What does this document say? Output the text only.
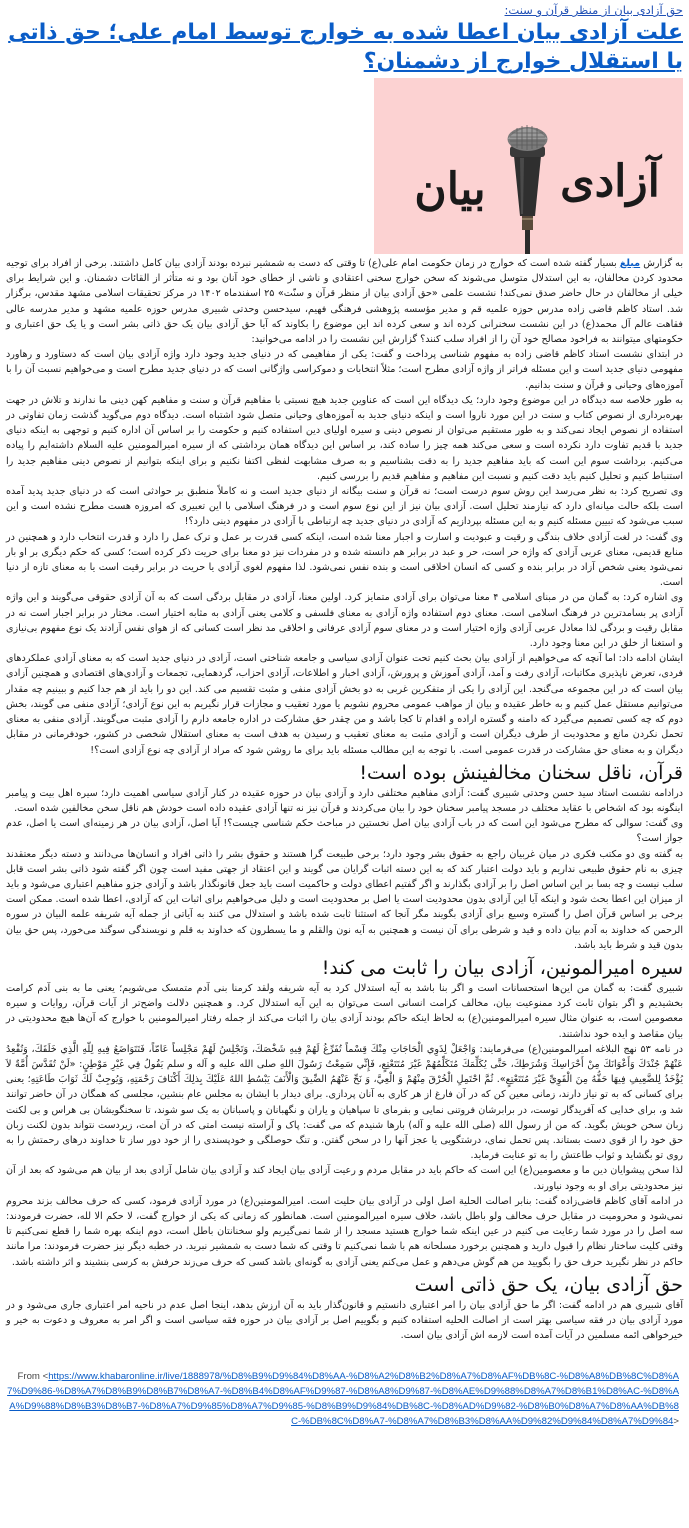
حق آزادی بیان از منظر قرآن و سنت:
علت آزادی بیان اعطا شده به خوارج توسط امام علی؛ حق ذاتی یا استقلال خوارج از دشمنان؟
آزادی
بیان

به گزارش مبلغ بسیار گفته شده است که خوارج در زمان حکومت امام علی(ع) تا وقتی که دست به شمشیر نبرده بودند آزادی بیان کامل داشتند. برخی از افراد برای توجیه محدود کردن مخالفان، به این استدلال متوسل می‌شوند که سخن خوارج سخنی اعتقادی و ناشی از خطای خود آنان بود و نه متأثر از القائات دشمنان. و این شرایط برای خیلی از مخالفان در حال حاضر صدق نمی‌کند! نشست علمی «حق آزادی بیان از منظر قرآن و سنّت» ۲۵ اسفندماه ۱۴۰۲ در مرکز تحقیقات اسلامی مشهد مقدس، برگزار شد. استاد کاظم قاضی زاده مدرس حوزه علمیه قم و مدیر مؤسسه پژوهشی فرهنگی فهیم، سیدحسن وحدتی شبیری مدرس حوزه علمیه مشهد و مدیر مدرسه عالی فقاهت عالم آل محمد(ع) در این نشست سخنرانی کرده اند و سعی کرده اند این موضوع را بکاوند که آیا حق آزادی بیان یک حق ذاتی بشر است و یا یک حق اعتباری و حکومتهای میتوانند به فراخود مصالح خود آن را از افراد سلب کنند؟ گزارش این نشست را در ادامه می‌خوانید:

در ابتدای نشست استاد کاظم قاضی زاده به مفهوم شناسی پرداخت و گفت: یکی از مفاهیمی که در دنیای جدید وجود دارد واژه آزادی بیان است که دستاورد و رهاورد مفهومی دنیای جدید است و این مسئله فراتر از واژه آزادی مطرح است؛ مثلاً انتخابات و دموکراسی واژگانی است که در دنیای جدید مطرح است و می‌خواهیم نسبت آن را با آموزه‌های وحیانی و قرآن و سنت بدانیم.

به طور خلاصه سه دیدگاه در این موضوع وجود دارد؛ یک دیدگاه این است که عناوین جدید هیچ نسبتی با مفاهیم قرآن و سنت و مفاهیم کهن دینی ما ندارند و تلاش در جهت بهره‌برداری از نصوص کتاب و سنت در این مورد ناروا است و اینکه دنیای جدید به آموزه‌های وحیانی متصل شود اشتباه است. دیدگاه دوم می‌گوید گذشت زمان تفاوتی در استفاده از نصوص ایجاد نمی‌کند و به طور مستقیم می‌توان از نصوص دینی و سیره اولیای دین استفاده کنیم و حکومت را بر اساس آن اداره کنیم و توجهی به اینکه دنیای جدید با قدیم تفاوت دارد نکرده است و سعی می‌کند همه چیز را ساده کند، بر اساس این دیدگاه همان برداشتی که از سیره امیرالمومنین علیه السلام داشته‌ایم را پیاده می‌کنیم. برداشت سوم این است که باید مفاهیم جدید را به دقت بشناسیم و به صرف مشابهت لفظی اکتفا نکنیم و برای اینکه بتوانیم از نصوص دینی مفاهیم جدید را استنباط کنیم و تحلیل کنیم باید دقت کنیم و نسبت این مفاهیم و مفاهیم قدیم را بررسی کنیم.

وی تصریح کرد: به نظر می‌رسد این روش سوم درست است؛ نه قرآن و سنت بیگانه از دنیای جدید است و نه کاملاً منطبق بر حوادثی است که در دنیای جدید پدید آمده است بلکه حالت میانه‌ای دارد که نیازمند تحلیل است. آزادی بیان نیز از این نوع سوم است و در فرهنگ اسلامی با این تعبیری که امروزه هست مطرح نشده است و این سبب می‌شود که تبیین مسئله کنیم و به این مسئله بپردازیم که آزادی در دنیای جدید چه ارتباطی با آزادی در مفهوم دینی دارد؟!

وی گفت: در لغت آزادی خلاف بندگی و رقیت و عبودیت و اسارت و اجبار معنا شده است، اینکه کسی قدرت بر عمل و ترک عمل را دارد و قدرت انتخاب دارد و همچنین در منابع قدیمی، معنای عربی آزادی که واژه حر است، حر و عبد در برابر هم دانسته شده و در مفردات نیز دو معنا برای حریت ذکر کرده است؛ کسی که حکم دیگری بر او بار نمی‌شود یعنی شخص آزاد در برابر بنده و کسی که انسان اخلاقی است و بنده نفس نمی‌شود. لذا مفهوم لغوی آزادی یا حریت در برابر رقیت است یا به معنای تازه از دنیا است.

وی اشاره کرد: به گمان من در مبنای اسلامی ۴ معنا می‌توان برای آزادی متمایز کرد. اولین معنا، آزادی در مقابل بردگی است که به آن آزادی حقوقی می‌گویند و این واژه آزادی پر بسامدترین در فرهنگ اسلامی است. معنای دوم استفاده واژه آزادی به معنای فلسفی و کلامی یعنی آزادی به مثابه اختیار است. مختار در برابر اجبار است نه در مقابل رقیت و بردگی لذا معادل عربی آزادی واژه اختیار است و در معنای سوم آزادی عرفانی و اخلاقی مد نظر است کسانی که از هوای نفس آزادند یک نوع مفهوم بی‌نیازی و استغنا از خلق در این معنا وجود دارد.

ایشان ادامه داد: اما آنچه که می‌خواهیم از آزادی بیان بحث کنیم تحت عنوان آزادی سیاسی و جامعه شناختی است، آزادی در دنیای جدید است که به معنای آزادی عملکردهای فردی، تعرض ناپذیری مکاتبات، آزادی رفت و آمد، آزادی آموزش و پرورش، آزادی اخبار و اطلاعات، آزادی احزاب، گردهمایی، تجمعات و آزادی‌های اقتصادی و همچنین آزادی بیان است که در این مجموعه می‌گنجد. این آزادی را یکی از متفکرین غربی به دو بخش آزادی منفی و مثبت تقسیم می کند. این دو را باید از هم جدا کنیم و ببینیم چه مقدار می‌توانیم مستقل عمل کنیم و به خاطر عقیده و بیان از مواهب عمومی محروم نشویم یا مورد تعقیب و مجازات قرار نگیریم به این نوع آزادی؛ آزادی منفی می گویند، بخش دوم که چه کسی تصمیم می‌گیرد که دامنه و گستره اراده و اقدام تا کجا باشد و من چقدر حق مشارکت در اداره جامعه دارم را آزادی مثبت می‌گویند. آزادی منفی به معنای تحمل نکردن مانع و محدودیت از طرف دیگران است و آزادی مثبت به معنای تعقیب و رسیدن به هدف است به معنای استقلال شخصی در کشور، خودفرمانی در مقابل دیگران و به معنای حق مشارکت در قدرت عمومی است. با توجه به این مطالب مسئله باید برای ما روشن شود که مراد از آزادی چه نوع آزادی است؟!

قرآن، ناقل سخنان مخالفینش بوده است!

درادامه نشست استاد سید حسن وحدتی شبیری گفت: آزادی مفاهیم مختلفی دارد و آزادی بیان در حوزه عقیده در کنار آزادی سیاسی اهمیت دارد؛ سیره اهل بیت و پیامبر اینگونه بود که اشخاص با عقاید مختلف در مسجد پیامبر سخنان خود را بیان می‌کردند و قرآن نیز نه تنها آزادی عقیده داده است خودش هم ناقل سخن مخالفین شده است.

وی گفت: سوالی که مطرح می‌شود این است که در باب آزادی بیان اصل نخستین در مباحث حکم شناسی چیست؟! آیا اصل، آزادی بیان در هر زمینه‌ای است یا اصل، عدم جواز است؟

به گفته وی دو مکتب فکری در میان غربیان راجع به حقوق بشر وجود دارد؛ برخی طبیعت گرا هستند و حقوق بشر را ذاتی افراد و انسان‌ها می‌دانند و دسته دیگر معتقدند چیزی به نام حقوق طبیعی نداریم و باید دولت اعتبار کند که به این دسته اثبات گرایان می گویند و این اعتقاد از جهتی مفید است چون اگر گفته شود ذاتی بشر است قابل سلب نیست و چه بسا بر این اساس اصل را بر آزادی بگذارند و اگر گفتیم اعطای دولت و حاکمیت است باید جعل قانونگذار باشد و آزادی جزو مفاهیم اعتباری می‌شود و باید از میزان این اعطا بحث شود و اینکه آیا این آزادی بدون محدودیت است یا اصل بر محدودیت است و دلیل می‌خواهیم برای اثبات این که آزادی، اعطا شده است. ممکن است برخی بر اساس قرآن اصل را گستره وسیع برای آزادی بگویند مگر آنجا که استثنا ثابت شده باشد و استدلال می کنند به آیاتی از جمله آیه شریفه علمه البیان در سوره الرحمن که خداوند به آدم بیان داده و قید و شرطی برای آن نیست و همچنین به آیه نون والقلم و ما یسطرون که خداوند به قلم و نویسندگی سوگند می‌خورد، پس حق بیان بدون قید و شرط باید باشد.

سیره امیرالمونین، آزادی بیان را ثابت می کند!

شبیری گفت: به گمان من این‌ها استحسانات است و اگر بنا باشد به آیه استدلال کرد به آیه شریفه ولقد کرمنا بنی آدم متمسک می‌شویم؛ یعنی ما به بنی آدم کرامت بخشیدیم و اگر بتوان ثابت کرد ممنوعیت بیان، مخالف کرامت انسانی است می‌توان به این آیه استدلال کرد. و همچنین دلالت واضح‌تر از آیات قرآن، روایات و سیره معصومین است، به عنوان مثال سیره امیرالمومنین(ع) به لحاظ اینکه حاکم بودند آزادی بیان را اثبات می‌کند از جمله رفتار امیرالمومنین با خوارج که آن‌ها هیچ محدودیتی در بیان مقاصد و ایده خود نداشتند.

در نامه ۵۳ نهج البلاغه امیرالمومنین(ع) می‌فرمایند: وَاجْعَلْ لِذَوِي الْحَاجَاتِ مِنْكَ قِسْماً تُفَرِّغُ لَهُمْ فِيهِ شَخْصَكَ، وَتَجْلِسُ لَهُمْ مَجْلِساً عَامّاً، فَتَتَوَاضَعُ فِيهِ لِلّهِ الَّذِي خَلَقَكَ، وَتُقْعِدُ عَنْهُمْ جُنْدَكَ وَأَعْوَانَكَ مِنْ أَحْرَاسِكَ وَشُرَطِكَ، حَتَّى يُكَلِّمَكَ مُتَكَلِّمُهُمْ غَيْرَ مُتَتَعْتِعٍ، فَإِنِّي سَمِعْتُ رَسُولَ اللهِ صلی الله علیه و آله و سلم يَقُولُ فِي غَيْرِ مَوْطِنٍ: «لَنْ تُقَدَّسَ أُمَّةٌ لاَ يُؤْخَذُ لِلضَّعِيفِ فِيهَا حَقُّهُ مِنَ الْقَوِيِّ غَيْرَ مُتَتَعْتِعٍ». ثُمَّ احْتَمِلِ الْخُرْقَ مِنْهُمْ وَ الْعِيَّ، وَ نَحِّ عَنْهُمُ الضِّيقَ وَالْأَنَفَ يَبْسُطِ اللهُ عَلَيْكَ بِذلِكَ أَكْنَافَ رَحْمَتِهِ، وَيُوجِبْ لَكَ ثَوَابَ طَاعَتِهِ؛ یعنی برای کسانی که به تو نیاز دارند، زمانی معین کن که در آن فارغ از هر کاری به آنان پردازی. برای دیدار با ایشان به مجلس عام بنشین، مجلسی که همگان در آن حاضر توانند شد و، برای خدایی که آفریدگار توست، در برابرشان فروتنی نمایی و بفرمای تا سپاهیان و یاران و نگهبانان و پاسبانان به یک سو شوند، تا سخنگویشان بی هراس و بی لکنت زبان سخن خویش بگوید. که من از رسول الله (صلی الله علیه و آله) بارها شنیدم که می گفت: پاک و آراسته نیست امتی که در آن امت، زیردست نتواند بدون لکنت زبان حق خود را از قوی دست بستاند. پس تحمل نمای، درشتگویی یا عجز آنها را در سخن گفتن. و تنگ حوصلگی و خودپسندی را از خود دور ساز تا خداوند درهای رحمتش را به روی تو بگشاید و ثواب طاعتش را به تو عنایت فرماید.

لذا سخن پیشوایان دین ما و معصومین(ع) این است که حاکم باید در مقابل مردم و رعیت آزادی بیان ایجاد کند و آزادی بیان شامل آزادی بعد از بیان هم می‌شود که بعد از آن نیز محدودیتی برای او به وجود نیاورند.

در ادامه آقای کاظم قاضی‌زاده گفت: بنابر اصالت الحلیة اصل اولی در آزادی بیان حلیت است. امیرالمومنین(ع) در مورد آزادی فرمود، کسی که حرف مخالف بزند محروم نمی‌شود و محرومیت در مقابل حرف مخالف ولو باطل باشد، خلاف سیره امیرالمومنین است. همانطور که زمانی که یکی از خوارج گفت، لا حکم الا لله، حضرت فرمودند: سه اصل را در مورد شما رعایت می کنیم در عین اینکه شما خوارج هستید مسجد را از شما نمی‌گیریم ولو سخنانتان باطل است، دوم اینکه بهره شما را قطع نمی‌کنیم تا وقتی کلیت ساختار نظام را قبول دارید و همچنین برخورد مسلحانه هم با شما نمی‌کنیم تا وقتی که شما دست به شمشیر نبرید. در خطبه دیگر نیز حضرت فرمودند: مرا مانند حاکم در نظر نگیرید حرف حق را بگویید من هم گوش می‌دهم و عمل می‌کنم یعنی آزادی به گونه‌ای باشد کسی که حرف می‌زند حرفش به کرسی بنشیند و اثر داشته باشد.

حق آزادی بیان، یک حق ذاتی است

آقای شبیری هم در ادامه گفت: اگر ما حق آزادی بیان را امر اعتباری دانستیم و قانون‌گذار باید به آن ارزش بدهد، اینجا اصل عدم در ناحیه امر اعتباری جاری می‌شود و در مورد آزادی بیان در فقه سیاسی بهتر است از اصالت الحلیه استفاده کنیم و بگوییم اصل بر آزادی بیان در حوزه فقه سیاسی است و اگر امر به معروف و دعوت به خیر و خیرخواهی ائمه مسلمین در آیات آمده است لازمه اش آزادی بیان است.

From <https://www.khabaronline.ir/live/1888978/%D8%B9%D9%84%D8%AA-%D8%A2%D8%B2%D8%A7%D8%AF%DB%8C-%D8%A8%DB%8C%D8%A7%D9%86-%D8%A7%D8%B9%D8%B7%D8%A7-%D8%B4%D8%AF%D9%87-%D8%A8%D9%87-%D8%AE%D9%88%D8%A7%D8%B1%D8%AC-%D8%AA%D9%88%D8%B3%D8%B7-%D8%A7%D9%85%D8%A7%D9%85-%D8%B9%D9%84%DB%8C-%D8%AD%D9%82-%D8%B0%D8%A7%D8%AA%DB%8C-%DB%8C%D8%A7-%D8%A7%D8%B3%D8%AA%D9%82%D9%84%D8%A7%D9%84>
